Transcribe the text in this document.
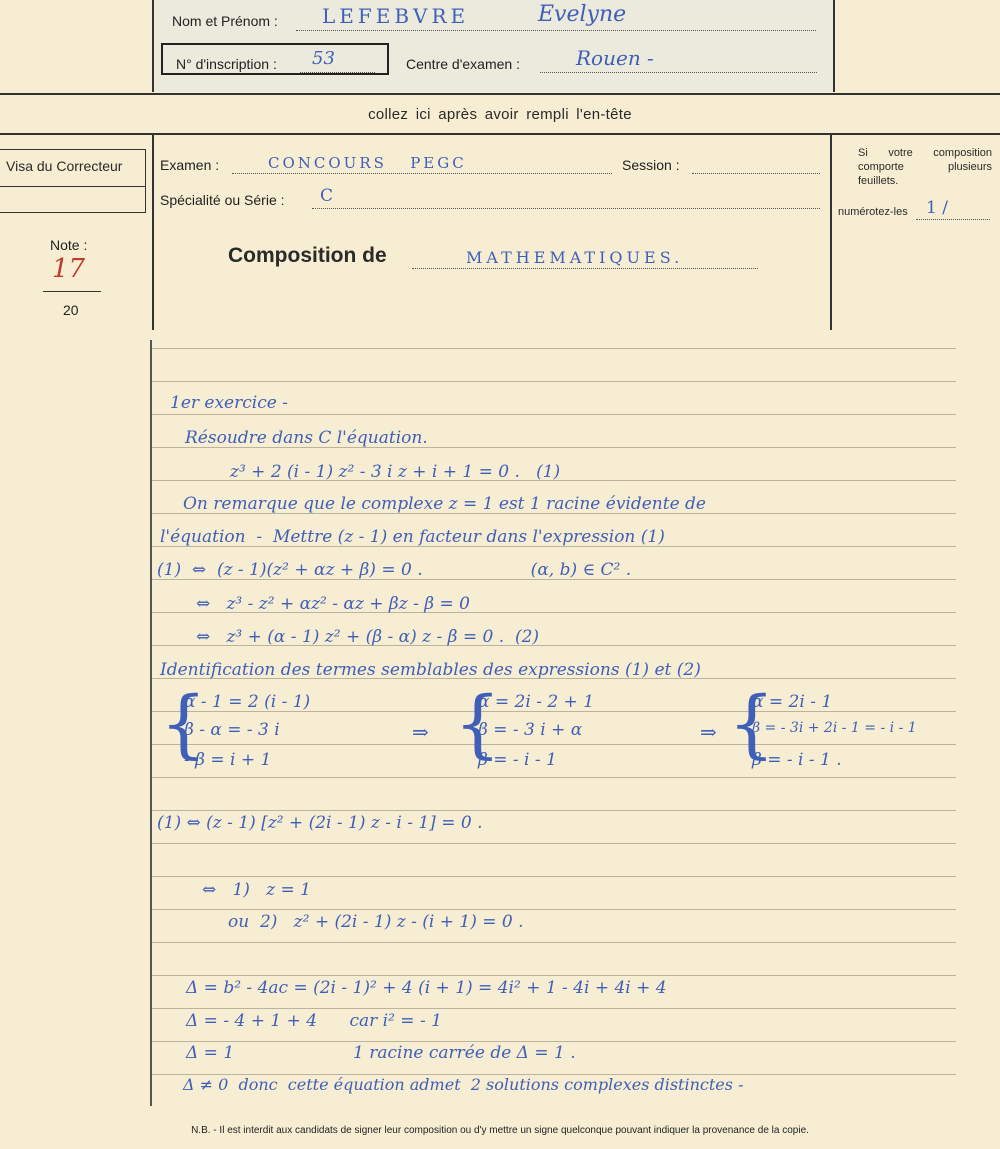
Nom et Prénom : LEFEBVRE	Evelyne
N° d'inscription : 53	Centre d'examen :	Rouen -
collez ici après avoir rempli l'en-tête
Visa du Correcteur
Note :
17
20
Examen :	CONCOURS   PEGC	Session :
Spécialité ou Série : C
Composition de	MATHEMATIQUES.
Si votre composition comporte plusieurs feuillets.
numérotez-les 1 /
1er exercice -
Résoudre dans C l'équation.
z³ + 2 (i - 1) z² - 3 i z + i + 1 = 0 .   (1)
On remarque que le complexe z = 1 est 1 racine évidente de
l'équation  -  Mettre (z - 1) en facteur dans l'expression (1)
(1)  ⇔  (z - 1)(z² + αz + β) = 0 .                    (α, b) ∈ C² .
⇔   z³ - z² + αz² - αz + βz - β = 0
⇔   z³ + (α - 1) z² + (β - α) z - β = 0 .  (2)
Identification des termes semblables des expressions (1) et (2)
{
α - 1 = 2 (i - 1)
β - α = - 3 i
- β = i + 1
⇒ {
α = 2i - 2 + 1
β = - 3 i + α
β = - i - 1
⇒ {
α = 2i - 1
β = - 3i + 2i - 1 = - i - 1
β = - i - 1 .
(1) ⇔ (z - 1) [z² + (2i - 1) z - i - 1] = 0 .
⇔   1)   z = 1
ou  2)   z² + (2i - 1) z - (i + 1) = 0 .
Δ = b² - 4ac = (2i - 1)² + 4 (i + 1) = 4i² + 1 - 4i + 4i + 4
Δ = - 4 + 1 + 4      car i² = - 1
Δ = 1                      1 racine carrée de Δ = 1 .
Δ ≠ 0  donc  cette équation admet  2 solutions complexes distinctes -
N.B. - Il est interdit aux candidats de signer leur composition ou d'y mettre un signe quelconque pouvant indiquer la provenance de la copie.
